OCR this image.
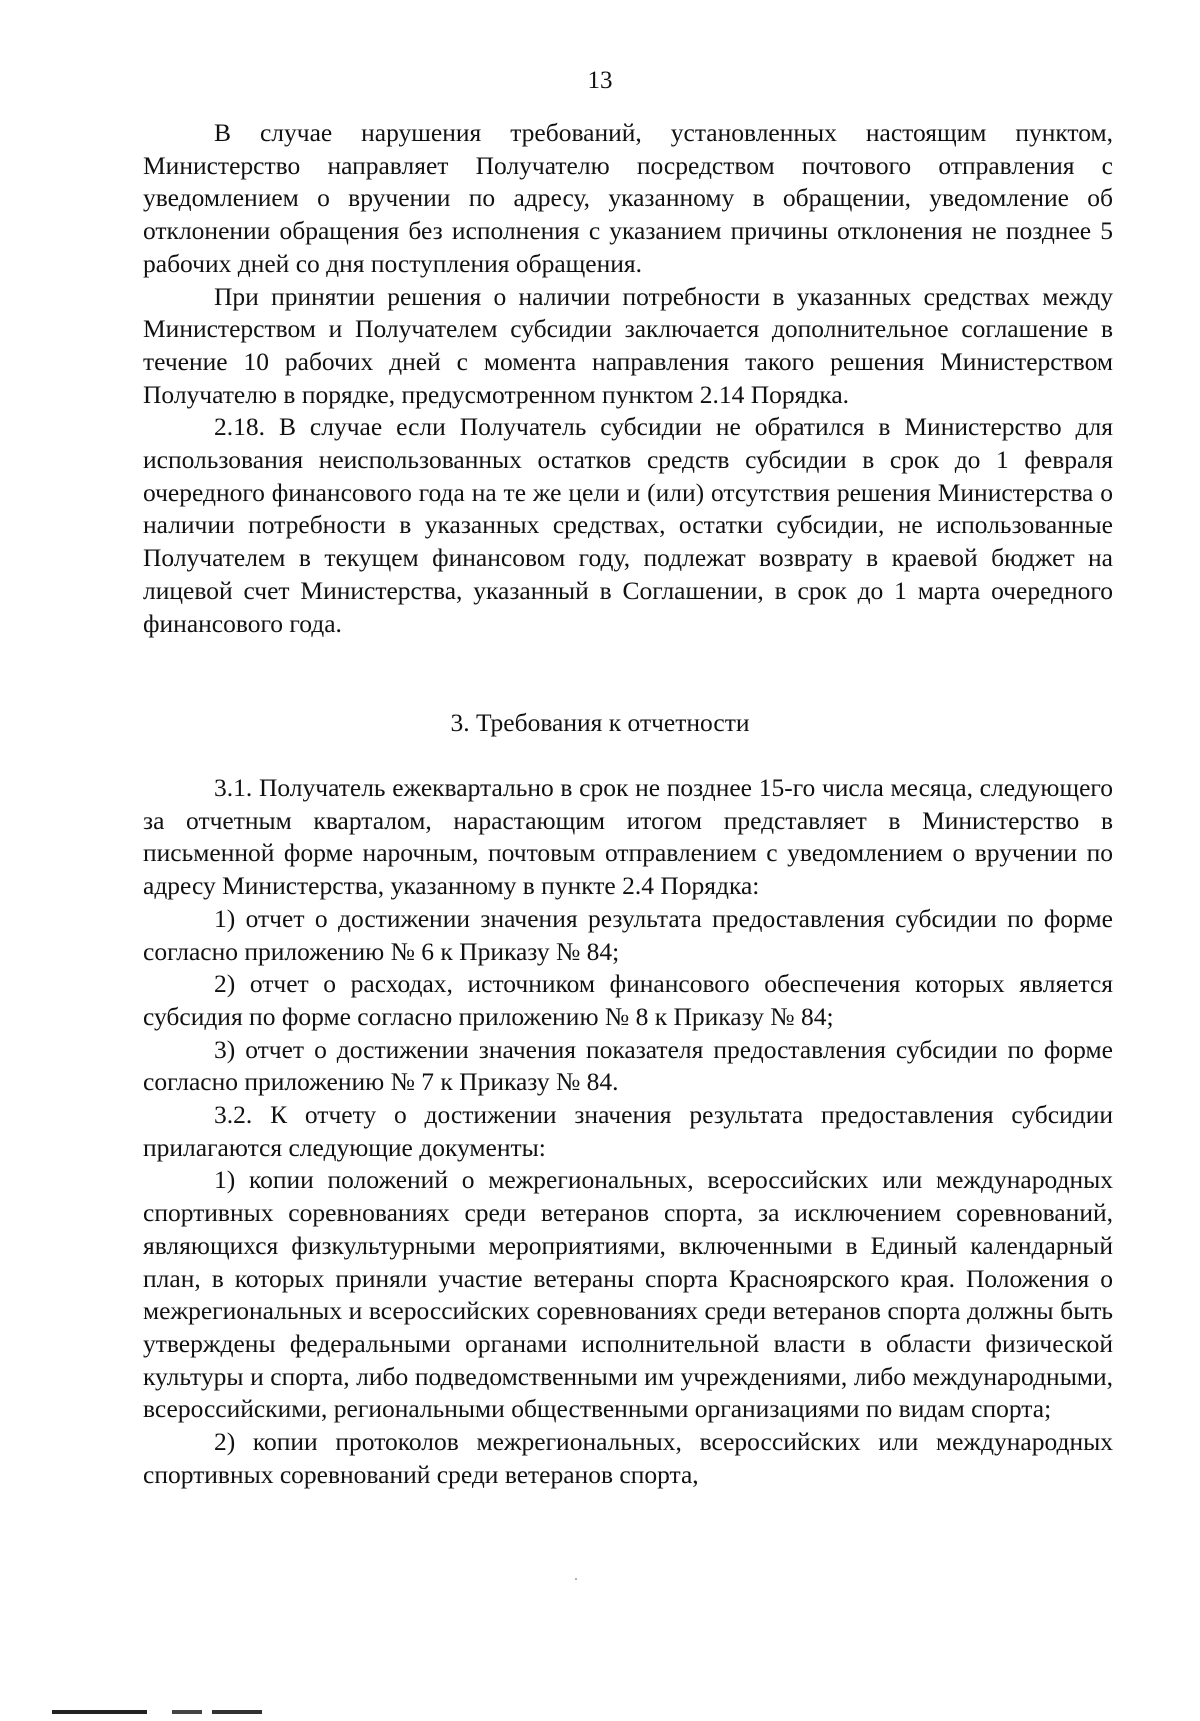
13

В случае нарушения требований, установленных настоящим пунктом, Министерство направляет Получателю посредством почтового отправления с уведомлением о вручении по адресу, указанному в обращении, уведомление об отклонении обращения без исполнения с указанием причины отклонения не позднее 5 рабочих дней со дня поступления обращения.

При принятии решения о наличии потребности в указанных средствах между Министерством и Получателем субсидии заключается дополнительное соглашение в течение 10 рабочих дней с момента направления такого решения Министерством Получателю в порядке, предусмотренном пунктом 2.14 Порядка.

2.18. В случае если Получатель субсидии не обратился в Министерство для использования неиспользованных остатков средств субсидии в срок до 1 февраля очередного финансового года на те же цели и (или) отсутствия решения Министерства о наличии потребности в указанных средствах, остатки субсидии, не использованные Получателем в текущем финансовом году, подлежат возврату в краевой бюджет на лицевой счет Министерства, указанный в Соглашении, в срок до 1 марта очередного финансового года.

3. Требования к отчетности

3.1. Получатель ежеквартально в срок не позднее 15-го числа месяца, следующего за отчетным кварталом, нарастающим итогом представляет в Министерство в письменной форме нарочным, почтовым отправлением с уведомлением о вручении по адресу Министерства, указанному в пункте 2.4 Порядка:

1) отчет о достижении значения результата предоставления субсидии по форме согласно приложению № 6 к Приказу № 84;

2) отчет о расходах, источником финансового обеспечения которых является субсидия по форме согласно приложению № 8 к Приказу № 84;

3) отчет о достижении значения показателя предоставления субсидии по форме согласно приложению № 7 к Приказу № 84.

3.2. К отчету о достижении значения результата предоставления субсидии прилагаются следующие документы:

1) копии положений о межрегиональных, всероссийских или международных спортивных соревнованиях среди ветеранов спорта, за исключением соревнований, являющихся физкультурными мероприятиями, включенными в Единый календарный план, в которых приняли участие ветераны спорта Красноярского края. Положения о межрегиональных и всероссийских соревнованиях среди ветеранов спорта должны быть утверждены федеральными органами исполнительной власти в области физической культуры и спорта, либо подведомственными им учреждениями, либо международными, всероссийскими, региональными общественными организациями по видам спорта;

2) копии протоколов межрегиональных, всероссийских или международных спортивных соревнований среди ветеранов спорта,
